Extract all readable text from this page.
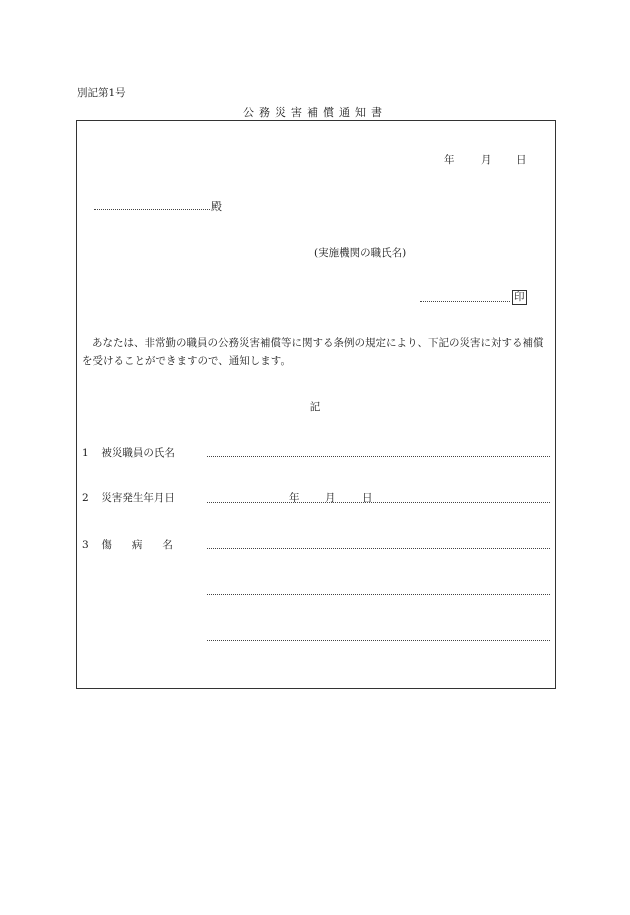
別記第1号
公務災害補償通知書
年	月 日
殿
(実施機関の職氏名)
印
あなたは、非常勤の職員の公務災害補償等に関する条例の規定により、下記の災害に対する補償を受けることができますので、通知します。
記
1 被災職員の氏名
2 災害発生年月日	年 月	日
3 傷病名
